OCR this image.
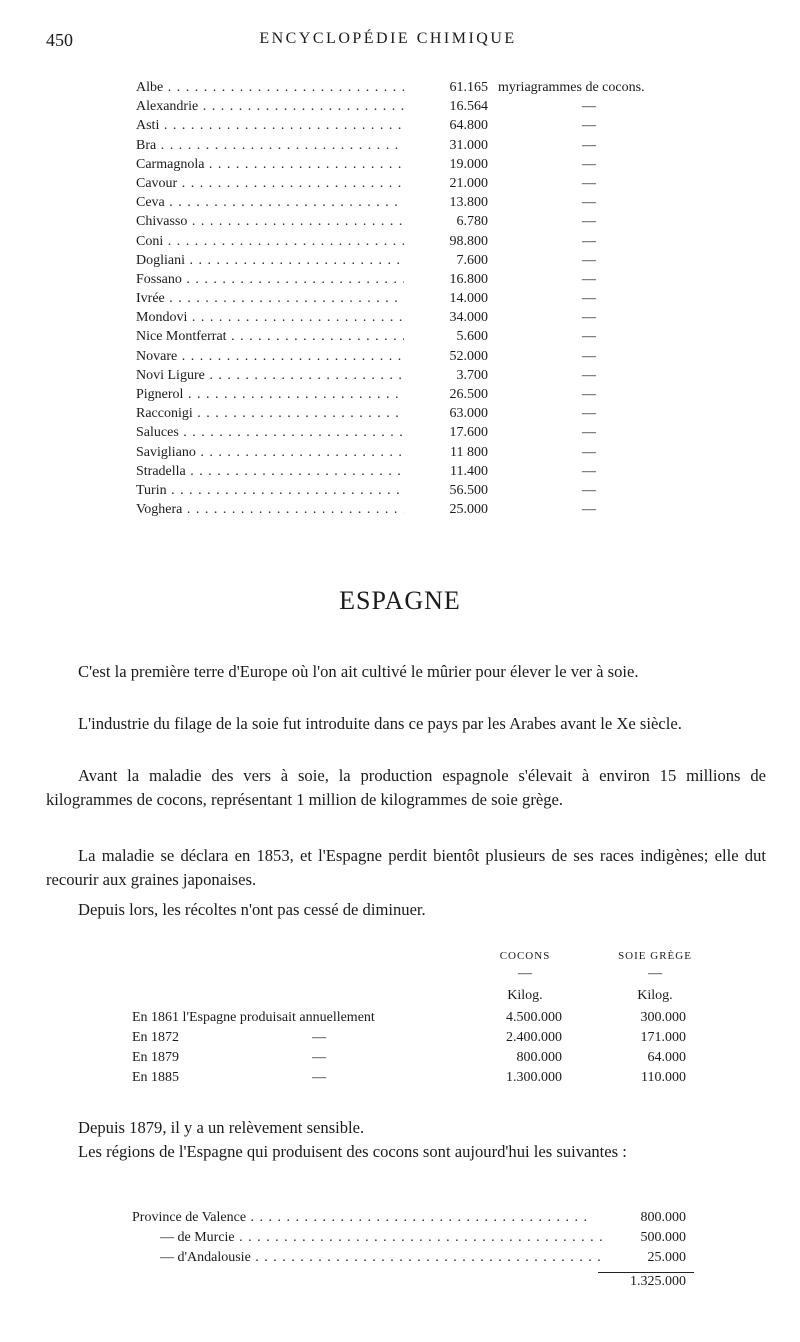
450	ENCYCLOPÉDIE CHIMIQUE
Albe . . .	61.165 myriagrammes de cocons.
Alexandrie . . .	16.564	—
Asti . . .	64.800	—
Bra . . .	31.000	—
Carmagnola . . .	19.000	—
Cavour . . .	21.000	—
Ceva . . .	13.800	—
Chivasso . . .	6.780	—
Coni . . .	98.800	—
Dogliani . . .	7.600	—
Fossano . . .	16.800	—
Ivrée . . .	14.000	—
Mondovi . . .	34.000	—
Nice Montferrat . . .	5.600	—
Novare . . .	52.000	—
Novi Ligure . . .	3.700	—
Pignerol . . .	26.500	—
Racconigi . . .	63.000	—
Saluces . . .	17.600	—
Savigliano . . .	11 800	—
Stradella . . .	11.400	—
Turin . . .	56.500	—
Voghera . . .	25.000	—
ESPAGNE

C'est la première terre d'Europe où l'on ait cultivé le mûrier pour élever le ver à soie.

L'industrie du filage de la soie fut introduite dans ce pays par les Arabes avant le Xe siècle.

Avant la maladie des vers à soie, la production espagnole s'élevait à environ 15 millions de kilogrammes de cocons, représentant 1 million de kilogrammes de soie grège.

La maladie se déclara en 1853, et l'Espagne perdit bientôt plusieurs de ses races indigènes; elle dut recourir aux graines japonaises.

Depuis lors, les récoltes n'ont pas cessé de diminuer.

COCONS	SOIE GRÈGE
—	—
Kilog.	Kilog.
En 1861 l'Espagne produisait annuellement	4.500.000	300.000
En 1872	—	2.400.000	171.000
En 1879	—	800.000	64.000
En 1885	—	1.300.000	110.000

Depuis 1879, il y a un relèvement sensible.

Les régions de l'Espagne qui produisent des cocons sont aujourd'hui les suivantes :

Province de Valence . . .	800.000
— de Murcie . . .	500.000
— d'Andalousie . . .	25.000
1.325.000
